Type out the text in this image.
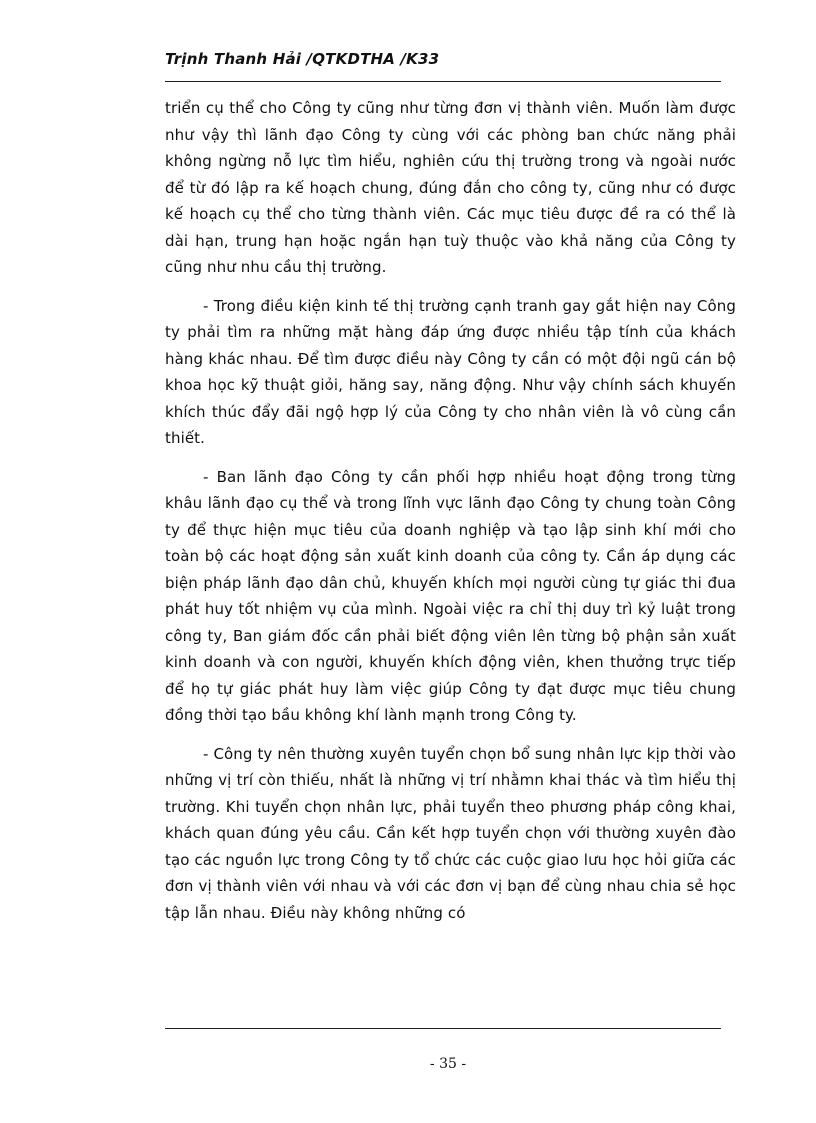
Trịnh Thanh Hải /QTKDTHA /K33

triển cụ thể cho Công ty cũng như từng đơn vị thành viên. Muốn làm được như vậy thì lãnh đạo Công ty cùng với các phòng ban chức năng phải không ngừng nỗ lực tìm hiểu, nghiên cứu thị trường trong và ngoài nước để từ đó lập ra kế hoạch chung, đúng đắn cho công ty, cũng như có được kế hoạch cụ thể cho từng thành viên. Các mục tiêu được đề ra có thể là dài hạn, trung hạn hoặc ngắn hạn tuỳ thuộc vào khả năng của Công ty cũng như nhu cầu thị trường.

- Trong điều kiện kinh tế thị trường cạnh tranh gay gắt hiện nay Công ty phải tìm ra những mặt hàng đáp ứng được nhiều tập tính của khách hàng khác nhau. Để tìm được điều này Công ty cần có một đội ngũ cán bộ khoa học kỹ thuật giỏi, hăng say, năng động. Như vậy chính sách khuyến khích thúc đẩy đãi ngộ hợp lý của Công ty cho nhân viên là vô cùng cần thiết.

- Ban lãnh đạo Công ty cần phối hợp nhiều hoạt động trong từng khâu lãnh đạo cụ thể và trong lĩnh vực lãnh đạo Công ty chung toàn Công ty để thực hiện mục tiêu của doanh nghiệp và tạo lập sinh khí mới cho toàn bộ các hoạt động sản xuất kinh doanh của công ty. Cần áp dụng các biện pháp lãnh đạo dân chủ, khuyến khích mọi người cùng tự giác thi đua phát huy tốt nhiệm vụ của mình. Ngoài việc ra chỉ thị duy trì kỷ luật trong công ty, Ban giám đốc cần phải biết động viên lên từng bộ phận sản xuất kinh doanh và con người, khuyến khích động viên, khen thưởng trực tiếp để họ tự giác phát huy làm việc giúp Công ty đạt được mục tiêu chung đồng thời tạo bầu không khí lành mạnh trong Công ty.

- Công ty nên thường xuyên tuyển chọn bổ sung nhân lực kịp thời vào những vị trí còn thiếu, nhất là những vị trí nhằmn khai thác và tìm hiểu thị trường. Khi tuyển chọn nhân lực, phải tuyển theo phương pháp công khai, khách quan đúng yêu cầu. Cần kết hợp tuyển chọn với thường xuyên đào tạo các nguồn lực trong Công ty tổ chức các cuộc giao lưu học hỏi giữa các đơn vị thành viên với nhau và với các đơn vị bạn để cùng nhau chia sẻ học tập lẫn nhau. Điều này không những có

- 35 -
